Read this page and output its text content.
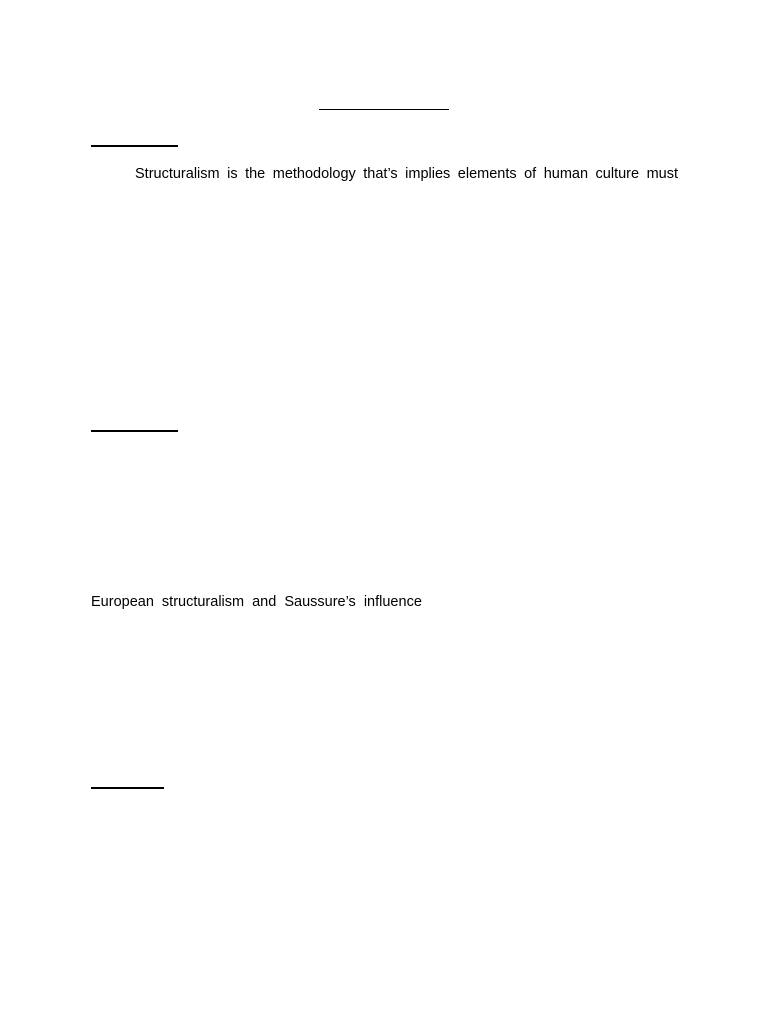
Structuralism is the methodology that’s implies elements of human culture must
European structuralism and Saussure’s influence
